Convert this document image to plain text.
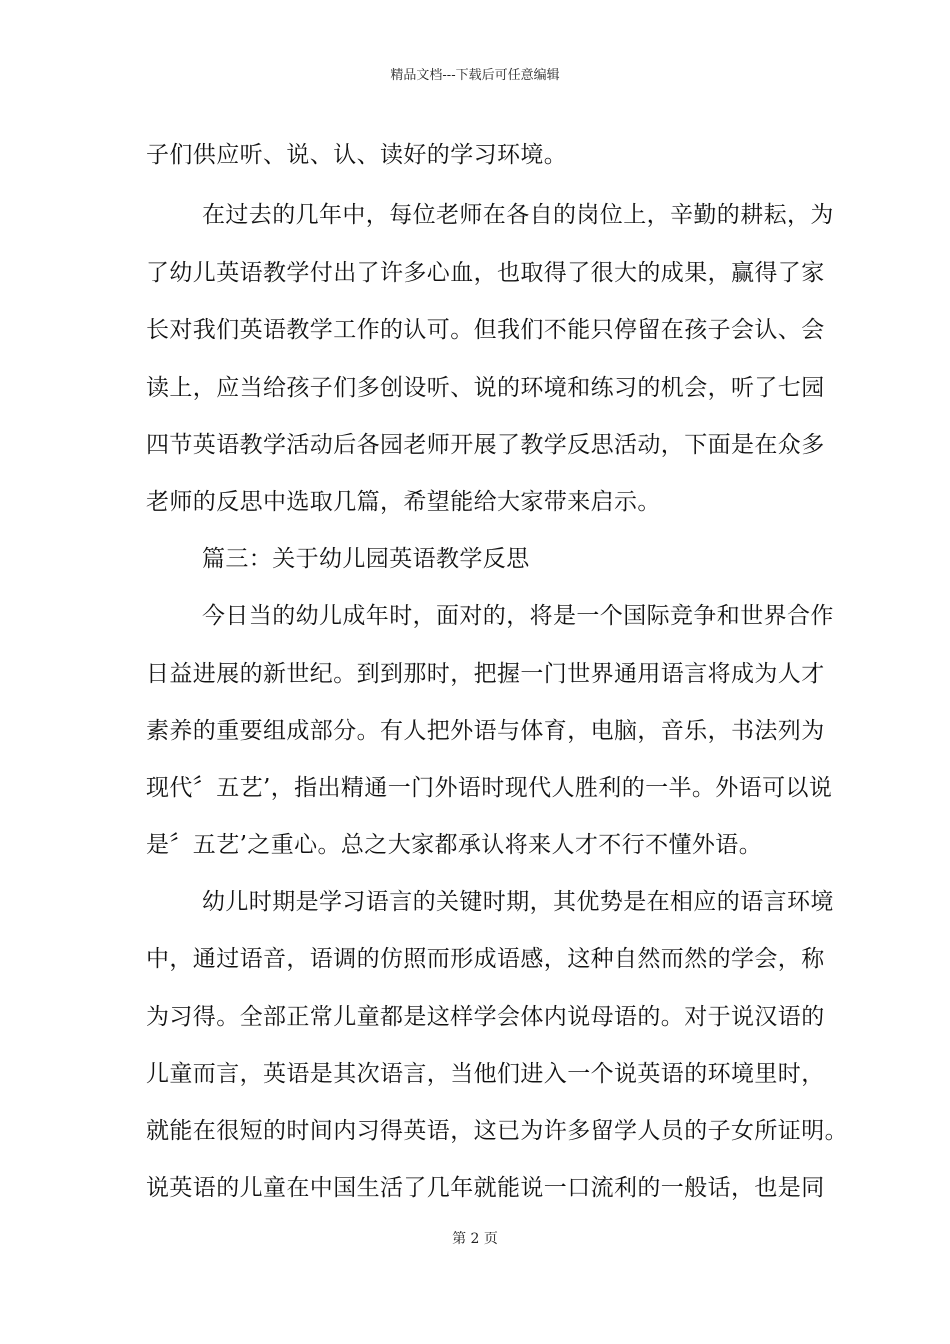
精品文档---下载后可任意编辑
子们供应听、说、认、读好的学习环境。
在过去的几年中，每位老师在各自的岗位上，辛勤的耕耘，为
了幼儿英语教学付出了许多心血，也取得了很大的成果，赢得了家
长对我们英语教学工作的认可。但我们不能只停留在孩子会认、会
读上，应当给孩子们多创设听、说的环境和练习的机会，听了七园
四节英语教学活动后各园老师开展了教学反思活动，下面是在众多
老师的反思中选取几篇，希望能给大家带来启示。
篇三：关于幼儿园英语教学反思
今日当的幼儿成年时，面对的，将是一个国际竞争和世界合作
日益进展的新世纪。到到那时，把握一门世界通用语言将成为人才
素养的重要组成部分。有人把外语与体育，电脑，音乐，书法列为
现代〞五艺’，指出精通一门外语时现代人胜利的一半。外语可以说
是〞五艺’之重心。总之大家都承认将来人才不行不懂外语。
幼儿时期是学习语言的关键时期，其优势是在相应的语言环境
中，通过语音，语调的仿照而形成语感，这种自然而然的学会，称
为习得。全部正常儿童都是这样学会体内说母语的。对于说汉语的
儿童而言，英语是其次语言，当他们进入一个说英语的环境里时，
就能在很短的时间内习得英语，这已为许多留学人员的子女所证明。
说英语的儿童在中国生活了几年就能说一口流利的一般话，也是同
第 2 页
